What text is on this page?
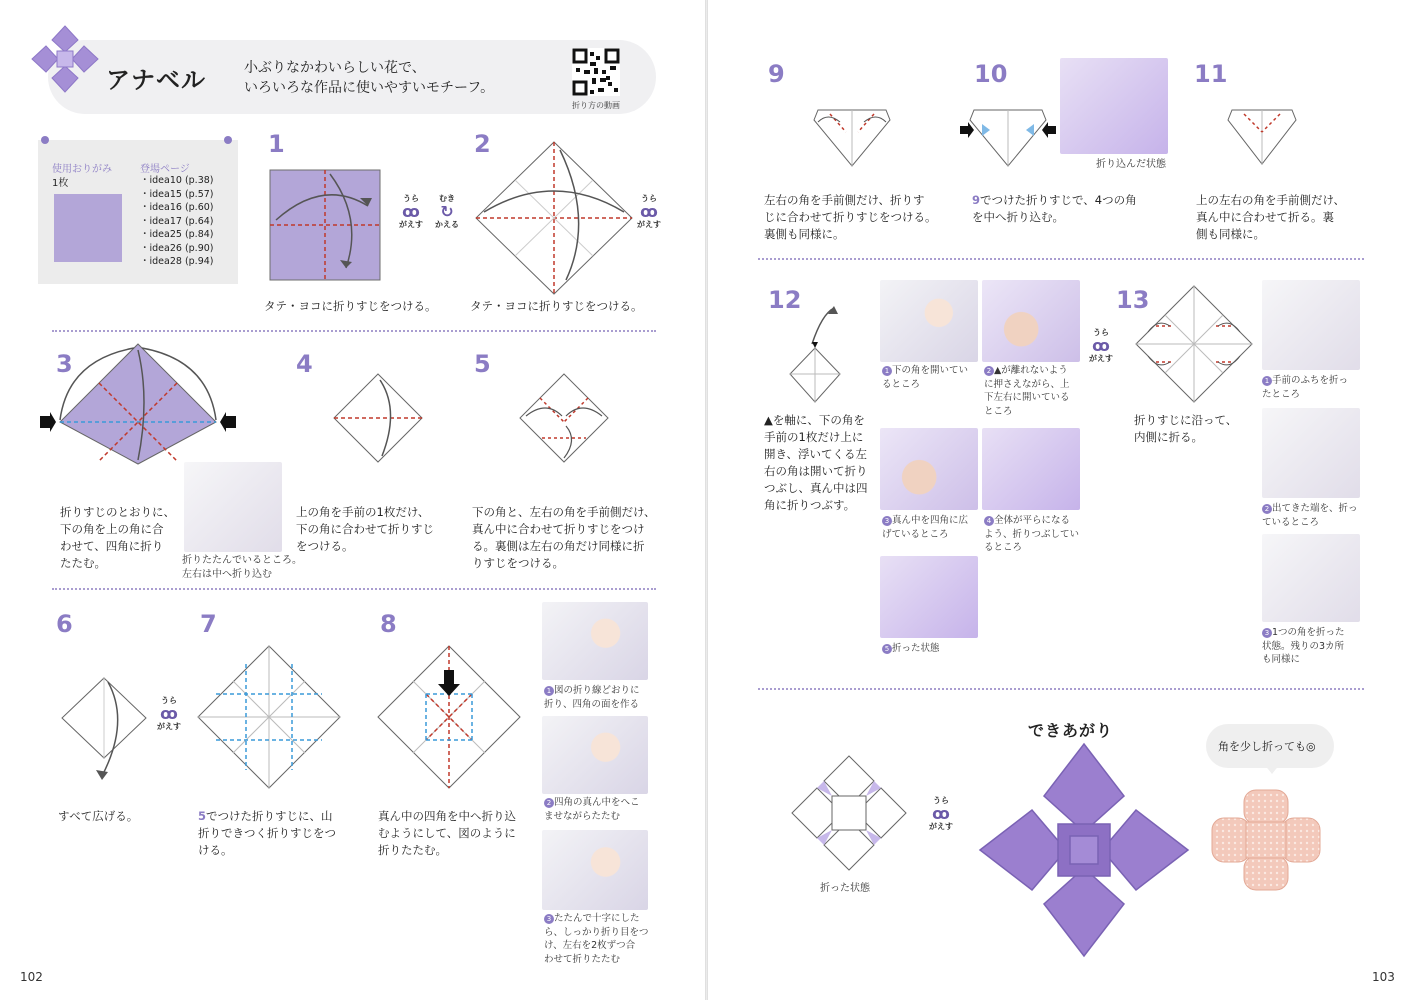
アナベル	小ぶりなかわいらしい花で、
いろいろな作品に使いやすいモチーフ。
折り方の動画
使用おりがみ
1枚
登場ページ
・idea10 (p.38)
・idea15 (p.57)
・idea16 (p.60)
・idea17 (p.64)
・idea25 (p.84)
・idea26 (p.90)
・idea28 (p.94)
1
うら
ꝏ
がえす
むき
↻
かえる
タテ・ヨコに折りすじをつける。
2
うら
ꝏ
がえす
タテ・ヨコに折りすじをつける。
3
折りすじのとおりに、
下の角を上の角に合
わせて、四角に折り
たたむ。	折りたたんでいるところ。
左右は中へ折り込む
4
上の角を手前の1枚だけ、
下の角に合わせて折りすじ
をつける。
5
下の角と、左右の角を手前側だけ、
真ん中に合わせて折りすじをつけ
る。裏側は左右の角だけ同様に折
りすじをつける。
6
うら
ꝏ
がえす
すべて広げる。
7
5でつけた折りすじに、山
折りできつく折りすじをつ
ける。
8
真ん中の四角を中へ折り込
むようにして、図のように
折りたたむ。
1 図の折り線どおりに
折り、四角の面を作る
2 四角の真ん中をへこ
ませながらたたむ
3 たたんで十字にした
ら、しっかり折り目をつ
け、左右を2枚ずつ合
わせて折りたたむ
102
9
左右の角を手前側だけ、折りす
じに合わせて折りすじをつける。
裏側も同様に。
10
折り込んだ状態
9でつけた折りすじで、4つの角
を中へ折り込む。
11
上の左右の角を手前側だけ、
真ん中に合わせて折る。裏
側も同様に。
12
▲を軸に、下の角を
手前の1枚だけ上に
開き、浮いてくる左
右の角は開いて折り
つぶし、真ん中は四
角に折りつぶす。
1 下の角を開いてい
るところ
2 ▲が離れないよう
に押さえながら、上
下左右に開いている
ところ
3 真ん中を四角に広
げているところ
4 全体が平らになる
よう、折りつぶしてい
るところ
5 折った状態
13
うら
ꝏ
がえす
折りすじに沿って、
内側に折る。
1 手前のふちを折っ
たところ
2 出てきた端を、折っ
ているところ
3 1つの角を折った
状態。残りの3カ所
も同様に
折った状態
うら
ꝏ
がえす
できあがり
角を少し折っても◎
103
